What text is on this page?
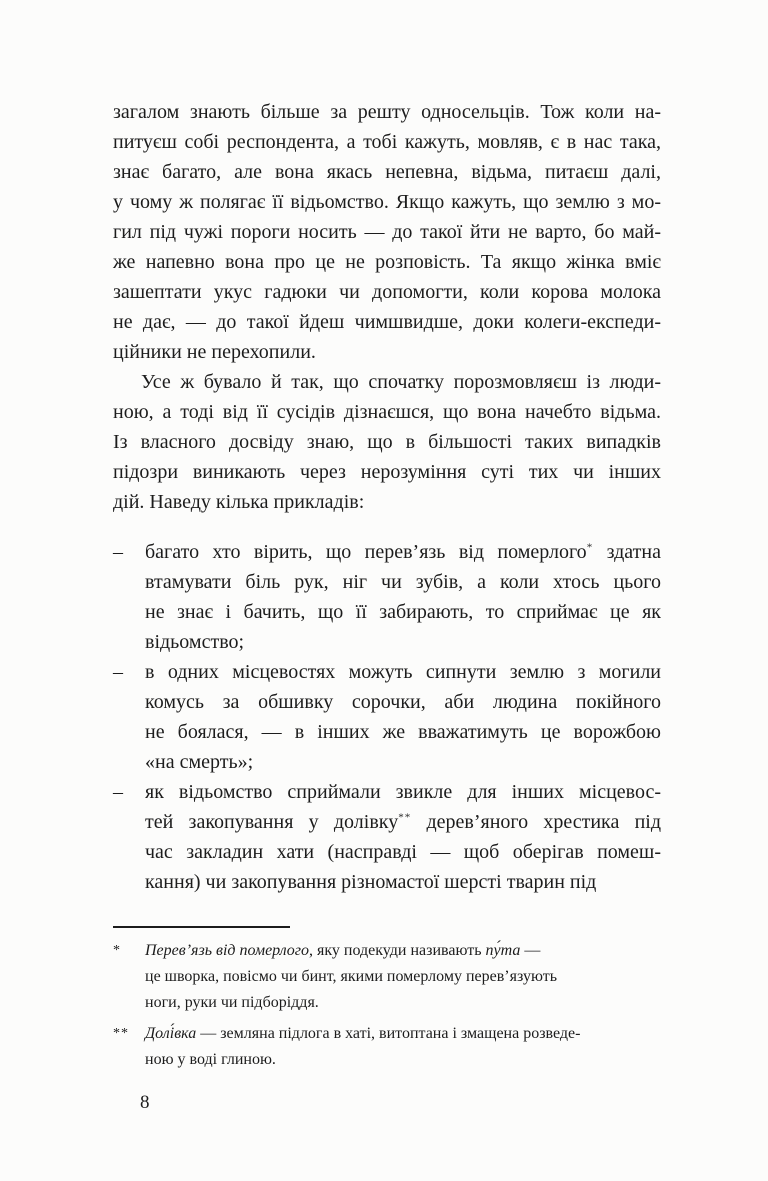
загалом знають більше за решту односельців. Тож коли на-
питуєш собі респондента, а тобі кажуть, мовляв, є в нас така,
знає багато, але вона якась непевна, відьма, питаєш далі,
у чому ж полягає її відьомство. Якщо кажуть, що землю з мо-
гил під чужі пороги носить — до такої йти не варто, бо май-
же напевно вона про це не розповість. Та якщо жінка вміє
зашептати укус гадюки чи допомогти, коли корова молока
не дає, — до такої йдеш чимшвидше, доки колеги-експеди-
ційники не перехопили.
Усе ж бувало й так, що спочатку порозмовляєш із люди-
ною, а тоді від її сусідів дізнаєшся, що вона начебто відьма.
Із власного досвіду знаю, що в більшості таких випадків
підозри виникають через нерозуміння суті тих чи інших
дій. Наведу кілька прикладів:
– багато хто вірить, що перев’язь від померлого* здатна
втамувати біль рук, ніг чи зубів, а коли хтось цього
не знає і бачить, що її забирають, то сприймає це як
відьомство;
– в одних місцевостях можуть сипнути землю з могили
комусь за обшивку сорочки, аби людина покійного
не боялася, — в інших же вважатимуть це ворожбою
«на смерть»;
– як відьомство сприймали звикле для інших місцевос-
тей закопування у долівку** дерев’яного хрестика під
час закладин хати (насправді — щоб оберігав помеш-
кання) чи закопування різномастої шерсті тварин під
* Перев’язь від померлого, яку подекуди називають пу́та —
це шворка, повісмо чи бинт, якими померлому перев’язують
ноги, руки чи підборіддя.
** Долі́вка — земляна підлога в хаті, витоптана і змащена розведе-
ною у воді глиною.
8
